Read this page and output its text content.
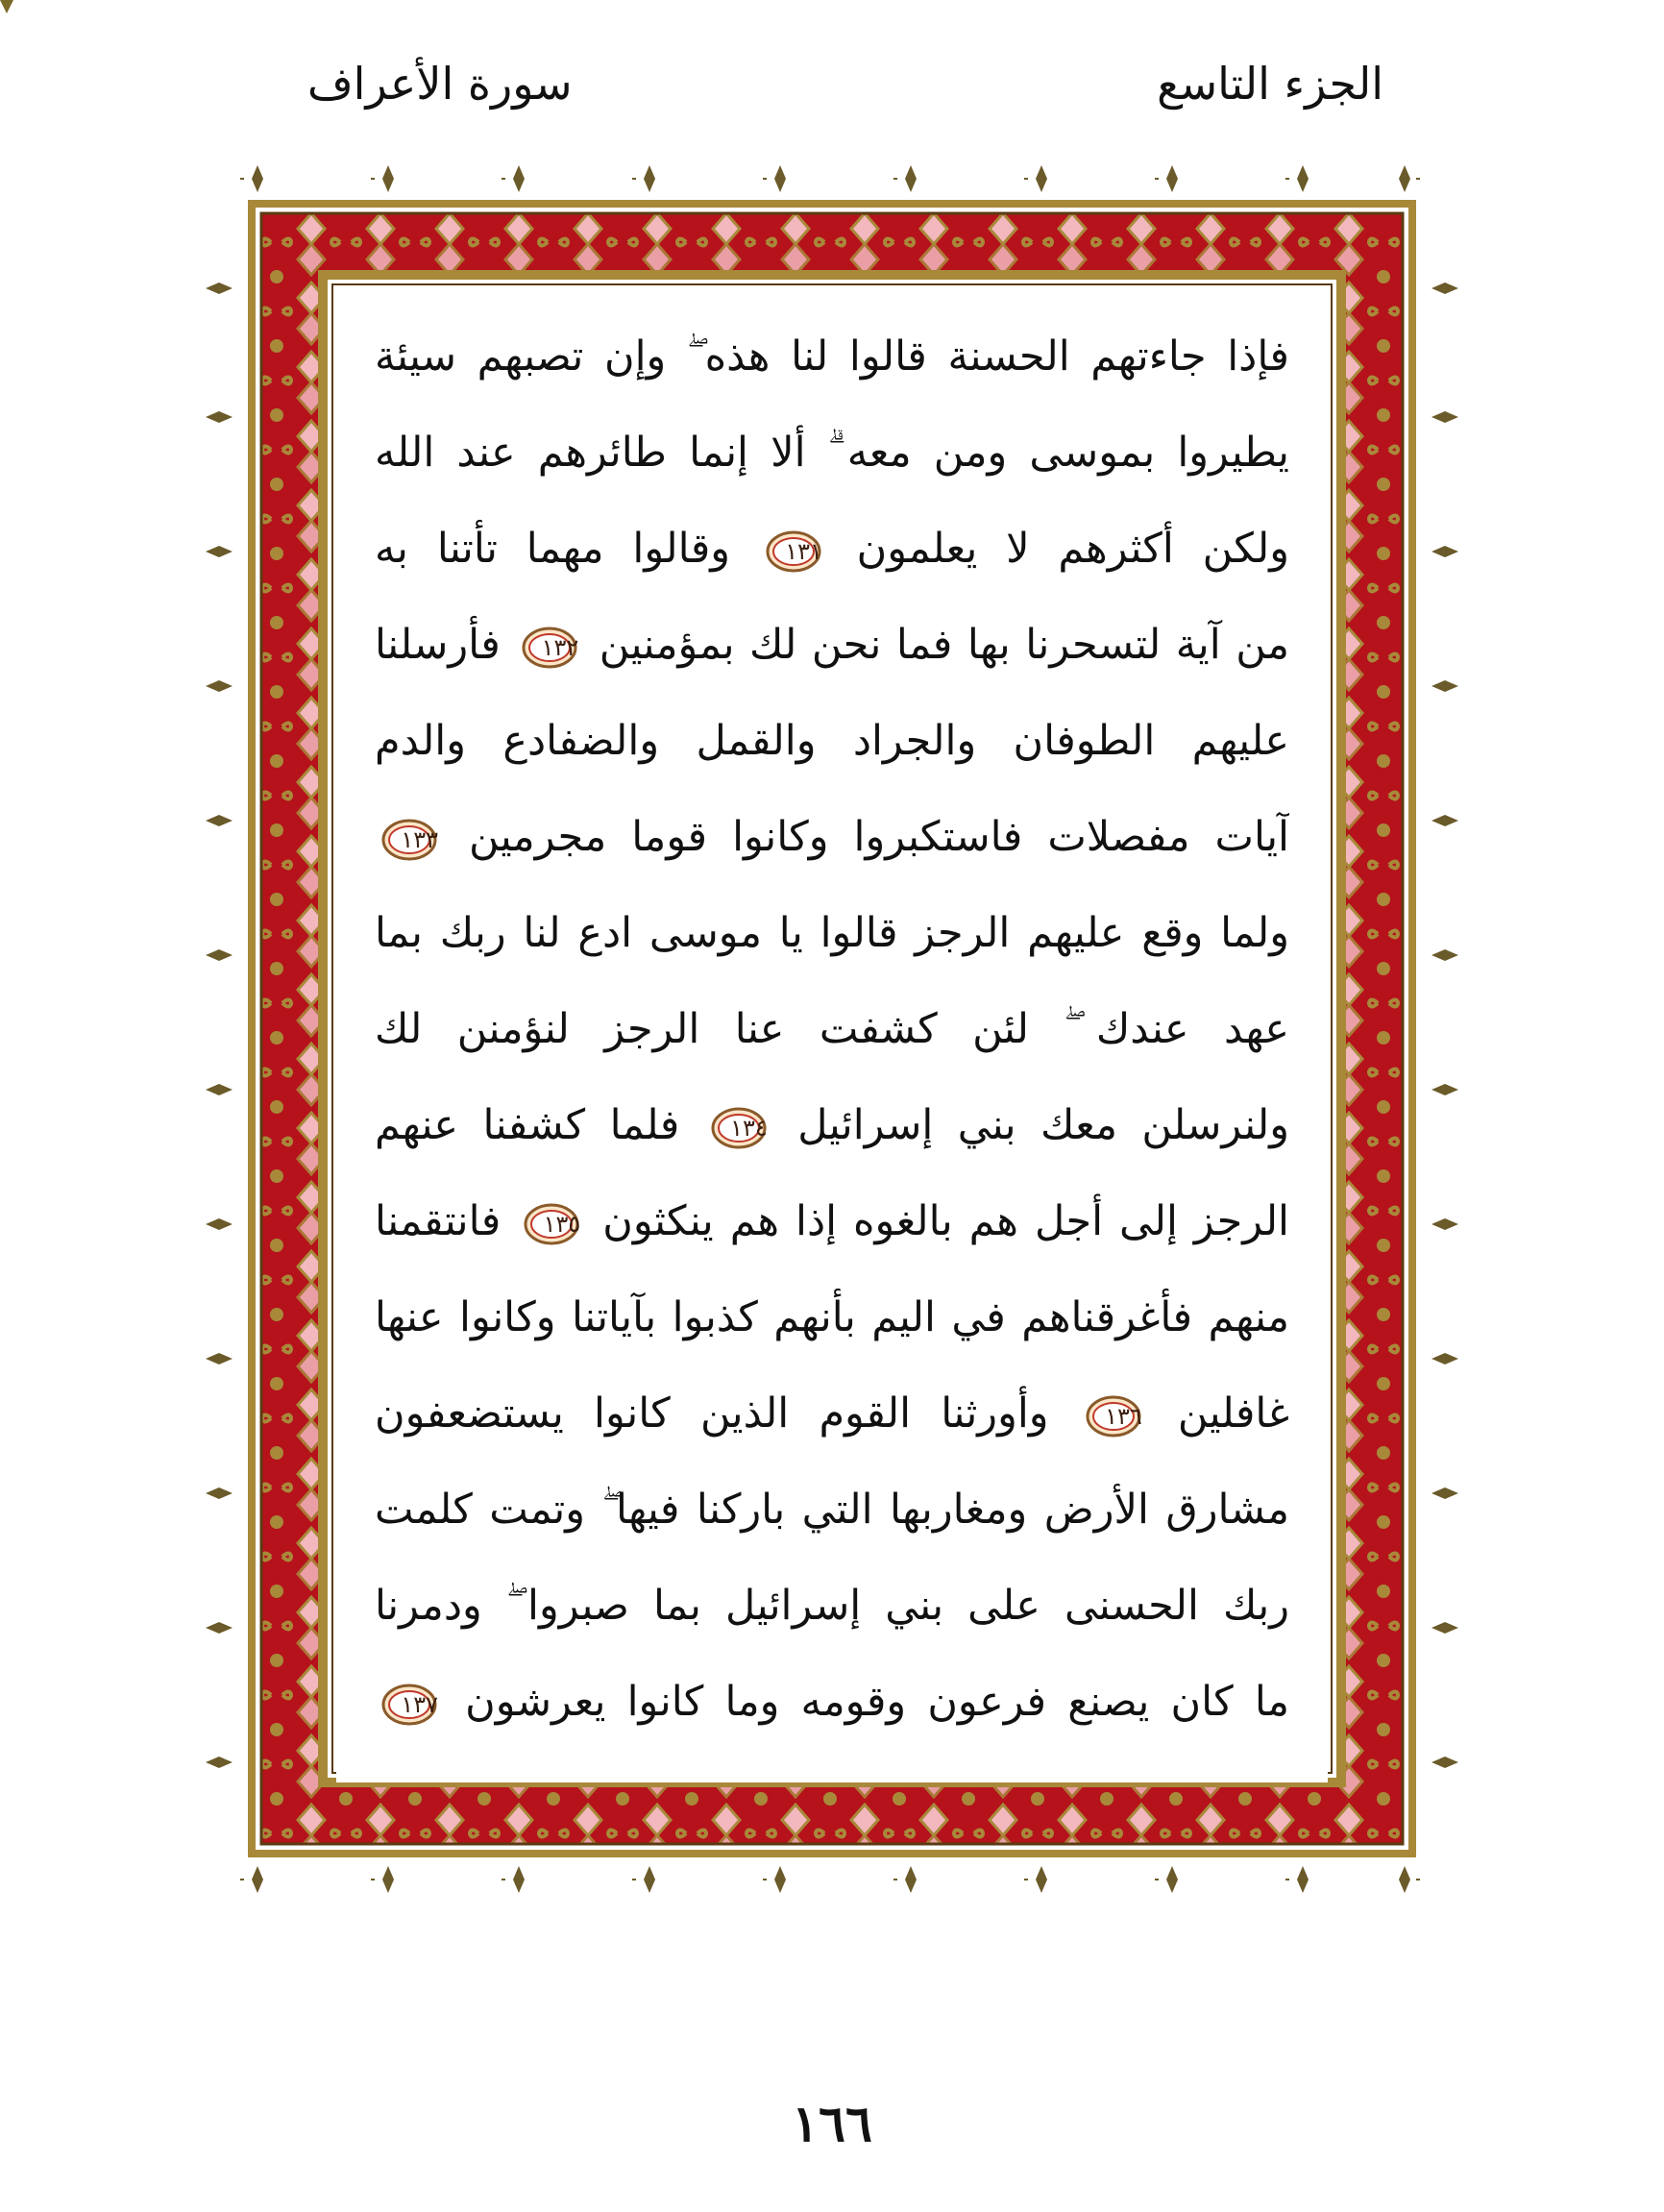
الجزء التاسع
سورة الأعراف
فإذا جاءتهم الحسنة قالوا لنا هذه ۖ وإن تصبهم سيئة
يطيروا بموسى ومن معه ۗ ألا إنما طائرهم عند الله
ولكن أكثرهم لا يعلمون
١٣١ وقالوا مهما تأتنا به
من آية لتسحرنا بها فما نحن لك بمؤمنين
١٣٢ فأرسلنا
عليهم الطوفان والجراد والقمل والضفادع والدم
آيات مفصلات فاستكبروا وكانوا قوما مجرمين
١٣٣
ولما وقع عليهم الرجز قالوا يا موسى ادع لنا ربك بما
عهد عندك ۖ لئن كشفت عنا الرجز لنؤمنن لك
ولنرسلن معك بني إسرائيل
١٣٤ فلما كشفنا عنهم
الرجز إلى أجل هم بالغوه إذا هم ينكثون
١٣٥ فانتقمنا
منهم فأغرقناهم في اليم بأنهم كذبوا بآياتنا وكانوا عنها
غافلين
١٣٦ وأورثنا القوم الذين كانوا يستضعفون
مشارق الأرض ومغاربها التي باركنا فيها ۖ وتمت كلمت
ربك الحسنى على بني إسرائيل بما صبروا ۖ ودمرنا
ما كان يصنع فرعون وقومه وما كانوا يعرشون
١٣٧
١٦٦
